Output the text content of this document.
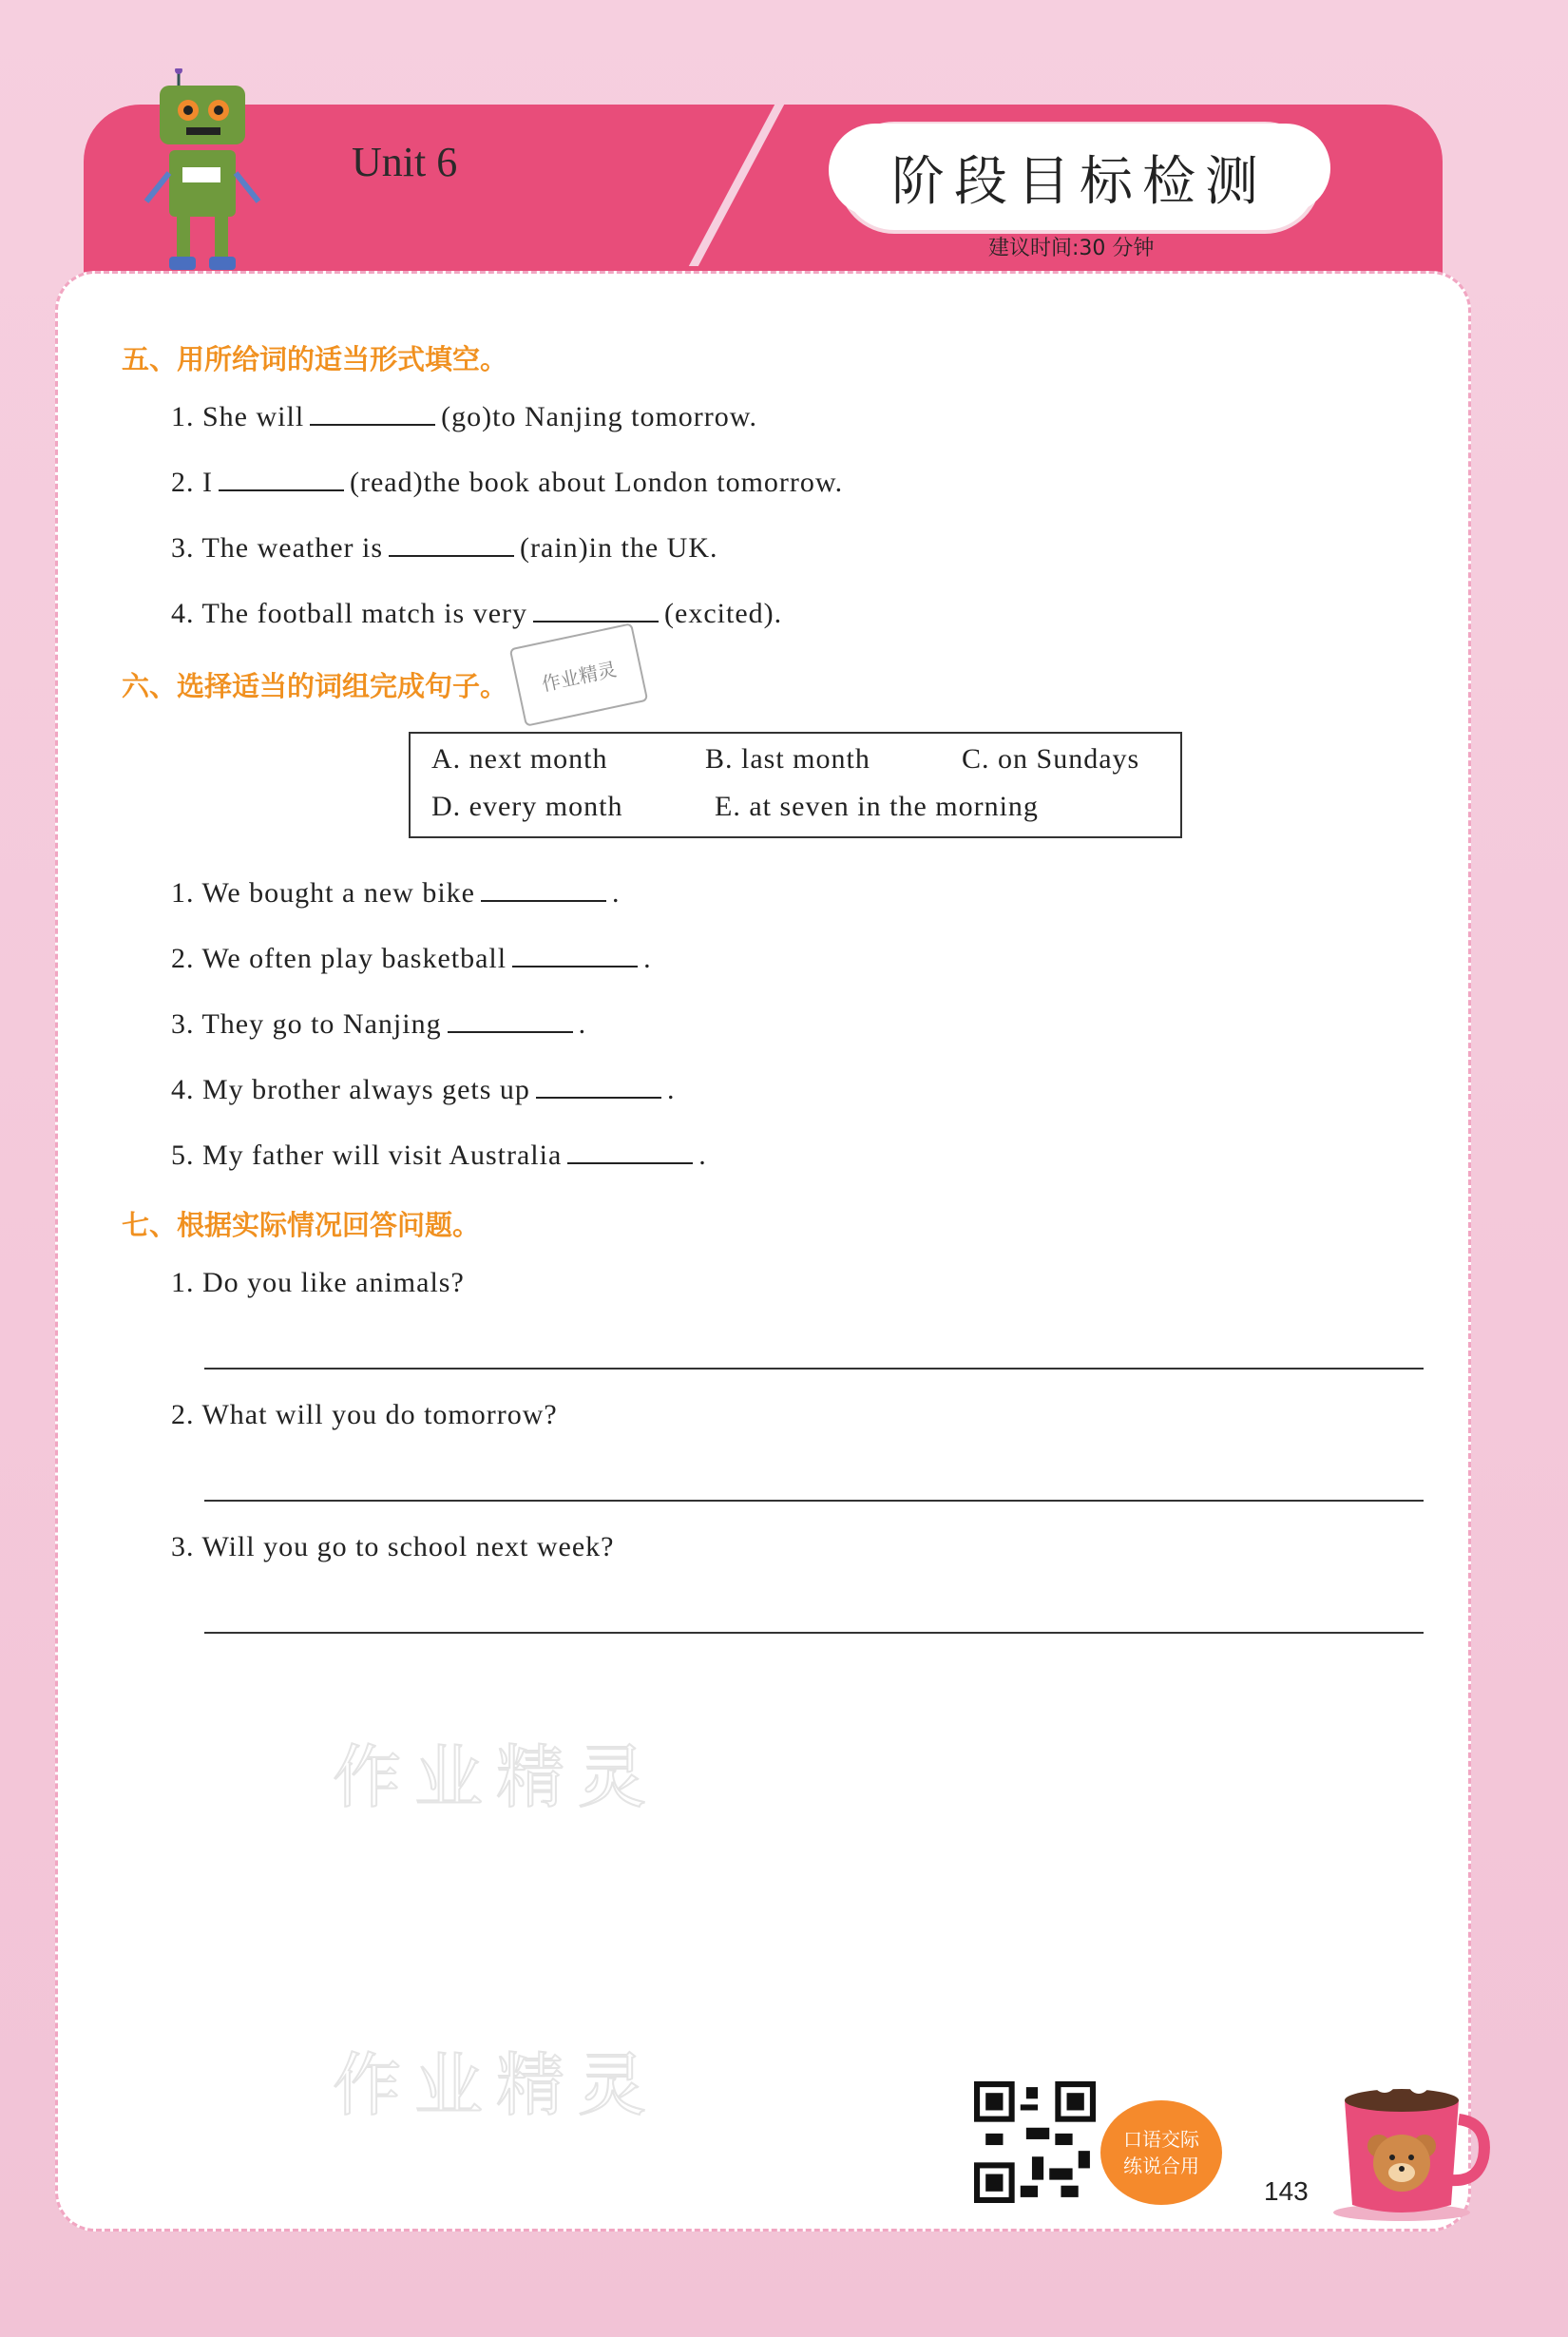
Unit 6	阶段目标检测
建议时间:30 分钟
五、用所给词的适当形式填空。
1. She will	(go)to Nanjing tomorrow.
2. I	(read)the book about London tomorrow.
3. The weather is	(rain)in the UK.
4. The football match is very	(excited).
作业精灵
六、选择适当的词组完成句子。
A. next month	B. last month	C. on Sundays
D. every month	E. at seven in the morning
1. We bought a new bike	.
2. We often play basketball	.
3. They go to Nanjing	.
4. My brother always gets up	.
5. My father will visit Australia	.
七、根据实际情况回答问题。
1. Do you like animals?
2. What will you do tomorrow?
3. Will you go to school next week?
作业精灵
作业精灵
口语交际
练说合用
143
